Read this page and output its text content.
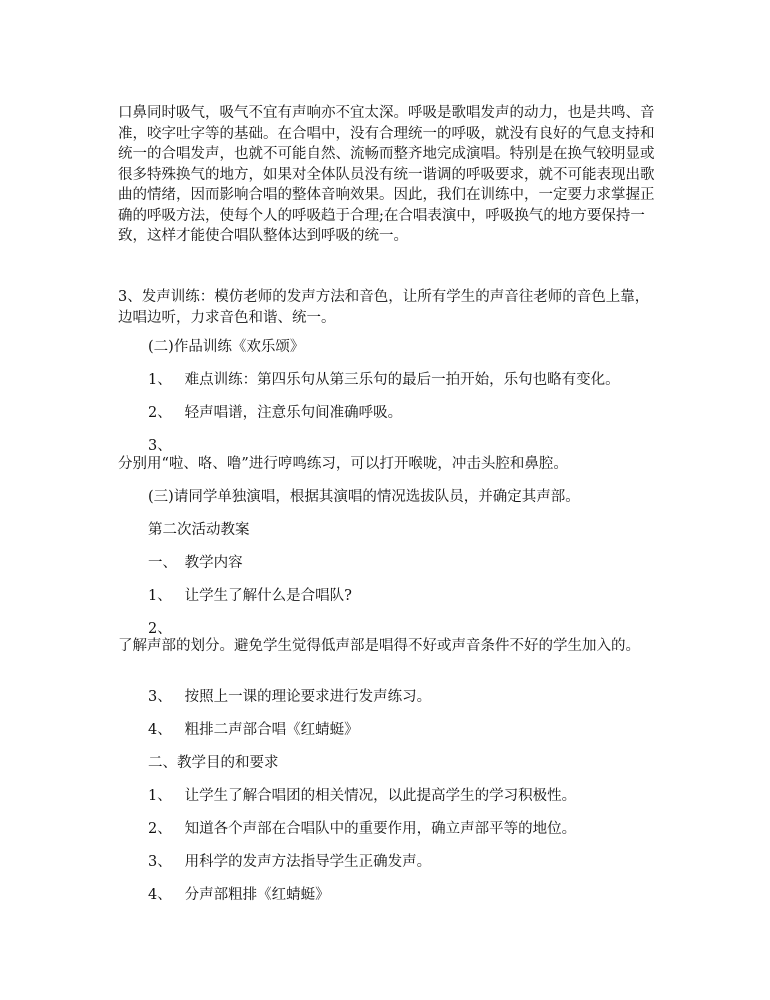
口鼻同时吸气，吸气不宜有声响亦不宜太深。呼吸是歌唱发声的动力，也是共鸣、音准，咬字吐字等的基础。在合唱中，没有合理统一的呼吸，就没有良好的气息支持和统一的合唱发声，也就不可能自然、流畅而整齐地完成演唱。特别是在换气较明显或很多特殊换气的地方，如果对全体队员没有统一谐调的呼吸要求，就不可能表现出歌曲的情绪，因而影响合唱的整体音响效果。因此，我们在训练中，一定要力求掌握正确的呼吸方法，使每个人的呼吸趋于合理;在合唱表演中，呼吸换气的地方要保持一致，这样才能使合唱队整体达到呼吸的统一。

3、发声训练：模仿老师的发声方法和音色，让所有学生的声音往老师的音色上靠，边唱边听，力求音色和谐、统一。

(二)作品训练《欢乐颂》
1、 难点训练：第四乐句从第三乐句的最后一拍开始，乐句也略有变化。
2、 轻声唱谱，注意乐句间准确呼吸。
3、
分别用“啦、咯、噜”进行哼鸣练习，可以打开喉咙，冲击头腔和鼻腔。
(三)请同学单独演唱，根据其演唱的情况选拔队员，并确定其声部。
第二次活动教案
一、 教学内容
1、 让学生了解什么是合唱队?
2、

了解声部的划分。避免学生觉得低声部是唱得不好或声音条件不好的学生加入的。

3、 按照上一课的理论要求进行发声练习。
4、 粗排二声部合唱《红蜻蜓》
二、教学目的和要求
1、 让学生了解合唱团的相关情况，以此提高学生的学习积极性。
2、 知道各个声部在合唱队中的重要作用，确立声部平等的地位。
3、 用科学的发声方法指导学生正确发声。
4、 分声部粗排《红蜻蜓》
